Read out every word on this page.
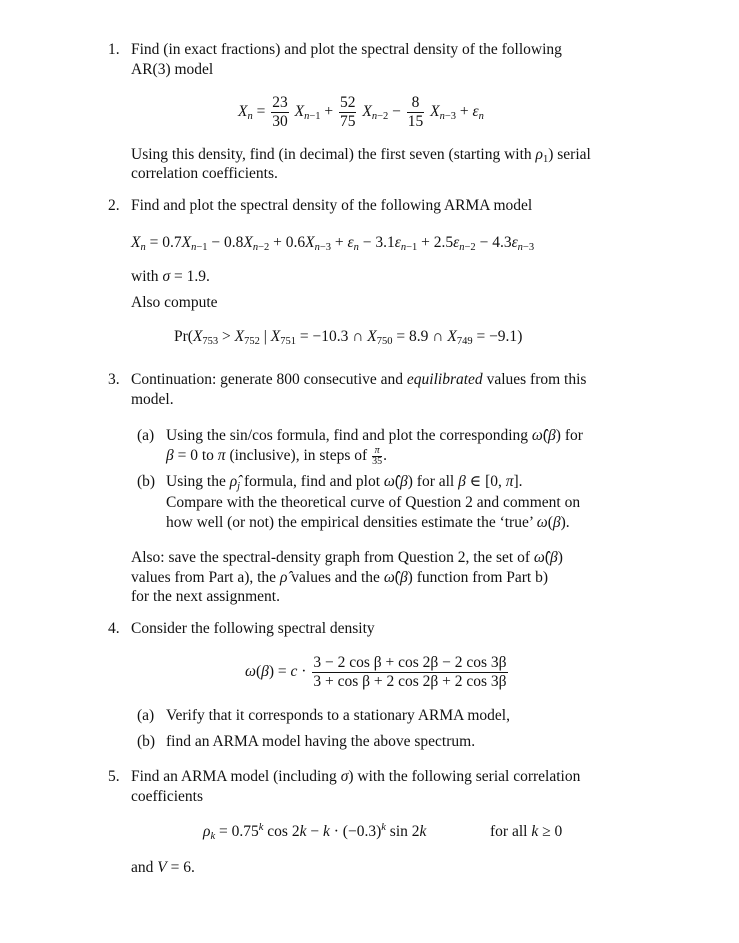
1. Find (in exact fractions) and plot the spectral density of the following
AR(3) model
$X_n = \frac{23}{30} X_{n-1} + \frac{52}{75} X_{n-2} - \frac{8}{15} X_{n-3} + \varepsilon_n$
Using this density, find (in decimal) the first seven (starting with $\rho_1$) serial
correlation coefficients.
2. Find and plot the spectral density of the following ARMA model
$X_n = 0.7X_{n-1} - 0.8X_{n-2} + 0.6X_{n-3} + \varepsilon_n - 3.1\varepsilon_{n-1} + 2.5\varepsilon_{n-2} - 4.3\varepsilon_{n-3}$
with σ = 1.9.
Also compute
$Pr(X_{753} > X_{752}$ | $X_{751} = -10.3$ ∩ $X_{750} = 8.9$ ∩ $X_{749} = -9.1$)
3. Continuation: generate 800 consecutive and equilibrated values from this
model.
(a) Using the sin/cos formula, find and plot the corresponding ω̂(β) for
β = 0 to π (inclusive), in steps of $\frac{\pi}{35}$ .
(b) Using the $\rhô_j$ formula, find and plot ω̂(β) for all β ∈ [0, π].
Compare with the theoretical curve of Question 2 and comment on
how well (or not) the empirical densities estimate the ‘true’ ω(β).
Also: save the spectral-density graph from Question 2, the set of ω̂(β)
values from Part a), the ρ̂ values and the ω̂(β) function from Part b)
for the next assignment.
4. Consider the following spectral density
$\omega(\beta) = c \cdot \frac{\text{3 − 2 cos β + cos 2β − 2 cos 3β}}{\text{3 + cos β + 2 cos 2β + 2 cos 3β}}$
(a) Verify that it corresponds to a stationary ARMA model,
(b) find an ARMA model having the above spectrum.
5. Find an ARMA model (including σ) with the following serial correlation
coefficients
$\rho_k = 0.75^k$ $\cos 2k - k \cdot (-0.3)^k$ sin 2k	for all k ≥ 0
and V = 6.
